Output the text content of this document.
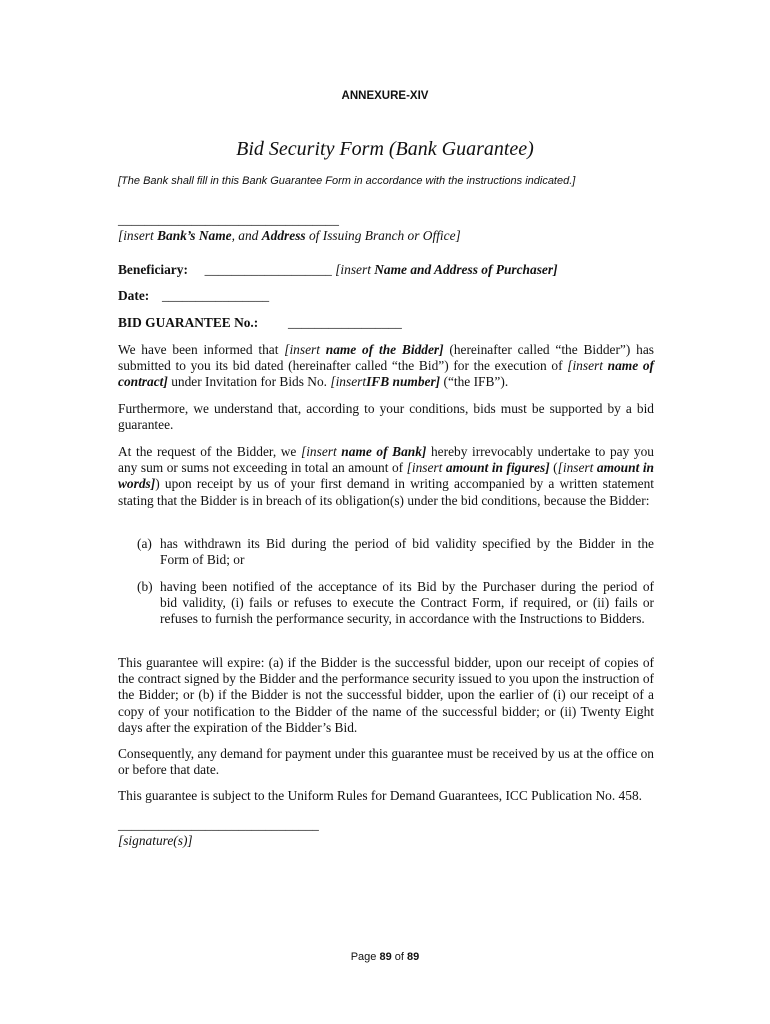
ANNEXURE-XIV
Bid Security Form (Bank Guarantee)
[The Bank shall fill in this Bank Guarantee Form in accordance with the instructions indicated.]
_________________________________
[insert Bank’s Name, and Address of Issuing Branch or Office]
Beneficiary: ___________________ [insert Name and Address of Purchaser]
Date: ________________
BID GUARANTEE No.: _________________
We have been informed that [insert name of the Bidder] (hereinafter called “the Bidder”) has submitted to you its bid dated (hereinafter called “the Bid”) for the execution of [insert name of contract] under Invitation for Bids No. [insertIFB number] (“the IFB”).
Furthermore, we understand that, according to your conditions, bids must be supported by a bid guarantee.
At the request of the Bidder, we [insert name of Bank] hereby irrevocably undertake to pay you any sum or sums not exceeding in total an amount of [insert amount in figures] ([insert amount in words]) upon receipt by us of your first demand in writing accompanied by a written statement stating that the Bidder is in breach of its obligation(s) under the bid conditions, because the Bidder:
(a) has withdrawn its Bid during the period of bid validity specified by the Bidder in the
Form of Bid; or
(b) having been notified of the acceptance of its Bid by the Purchaser during the period of
bid validity, (i) fails or refuses to execute the Contract Form, if required, or (ii) fails or refuses to furnish the performance security, in accordance with the Instructions to Bidders.
This guarantee will expire: (a) if the Bidder is the successful bidder, upon our receipt of copies of the contract signed by the Bidder and the performance security issued to you upon the instruction of the Bidder; or (b) if the Bidder is not the successful bidder, upon the earlier of (i) our receipt of a copy of your notification to the Bidder of the name of the successful bidder; or (ii) Twenty Eight days after the expiration of the Bidder’s Bid.
Consequently, any demand for payment under this guarantee must be received by us at the office on or before that date.
This guarantee is subject to the Uniform Rules for Demand Guarantees, ICC Publication No. 458.
______________________________
[signature(s)]
Page 89 of 89
